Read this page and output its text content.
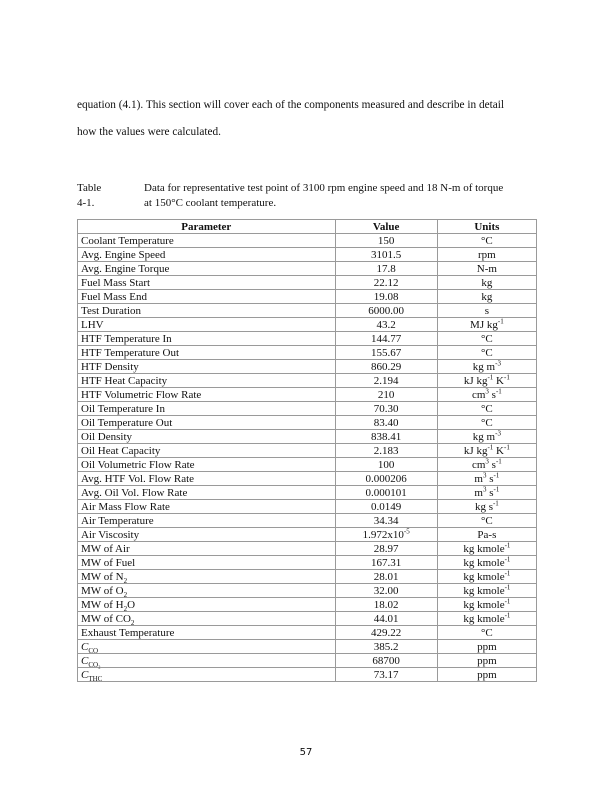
equation (4.1). This section will cover each of the components measured and describe in detail
how the values were calculated.
Table 4-1.
Data for representative test point of 3100 rpm engine speed and 18 N-m of torque
at 150°C coolant temperature.
Parameter	Value	Units
Coolant Temperature	150	°C
Avg. Engine Speed	3101.5	rpm
Avg. Engine Torque	17.8	N-m
Fuel Mass Start	22.12	kg
Fuel Mass End	19.08	kg
Test Duration	6000.00	s
LHV	43.2	MJ $kg^{-1}$
HTF Temperature In	144.77	°C
HTF Temperature Out	155.67	°C
HTF Density	860.29	kg $m^{-3}$
HTF Heat Capacity	2.194	kJ $kg^{-1}$ $K^{-1}$
HTF Volumetric Flow Rate	210	$cm^3$ $s^{-1}$
Oil Temperature In	70.30	°C
Oil Temperature Out	83.40	°C
Oil Density	838.41	kg $m^{-3}$
Oil Heat Capacity	2.183	kJ $kg^{-1}$ $K^{-1}$
Oil Volumetric Flow Rate	100	$cm^3$ $s^{-1}$
Avg. HTF Vol. Flow Rate	0.000206	$m^3$ $s^{-1}$
Avg. Oil Vol. Flow Rate	0.000101	$m^3$ $s^{-1}$
Air Mass Flow Rate	0.0149	kg $s^{-1}$
Air Temperature	34.34	°C
Air Viscosity	$1.972x10^{-5}$	Pa-s
MW of Air	28.97	kg kmole$^{-1}$
MW of Fuel	167.31	kg kmole$^{-1}$
MW of $N_2$	28.01	kg kmole$^{-1}$
MW of $O_2$	32.00	kg kmole$^{-1}$
MW of $H_2O$	18.02	kg kmole$^{-1}$
MW of $CO_2$	44.01	kg kmole$^{-1}$
Exhaust Temperature	429.22	°C
$C_{CO}$	385.2	ppm
$C_{CO_2}$	68700	ppm
$C_{THC}$	73.17	ppm
57
